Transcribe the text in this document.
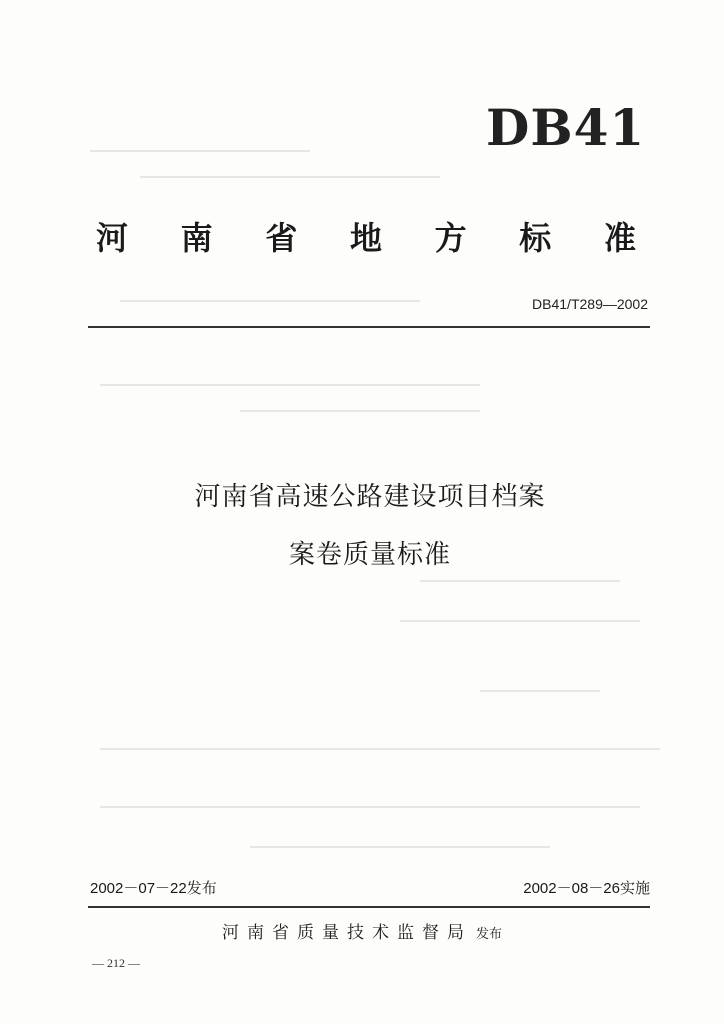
DB41
河 南 省 地 方 标 准
DB41/T289—2002
河南省高速公路建设项目档案
案卷质量标准
2002－07－22发布	2002－08－26实施
河南省质量技术监督局 发布
— 212 —
